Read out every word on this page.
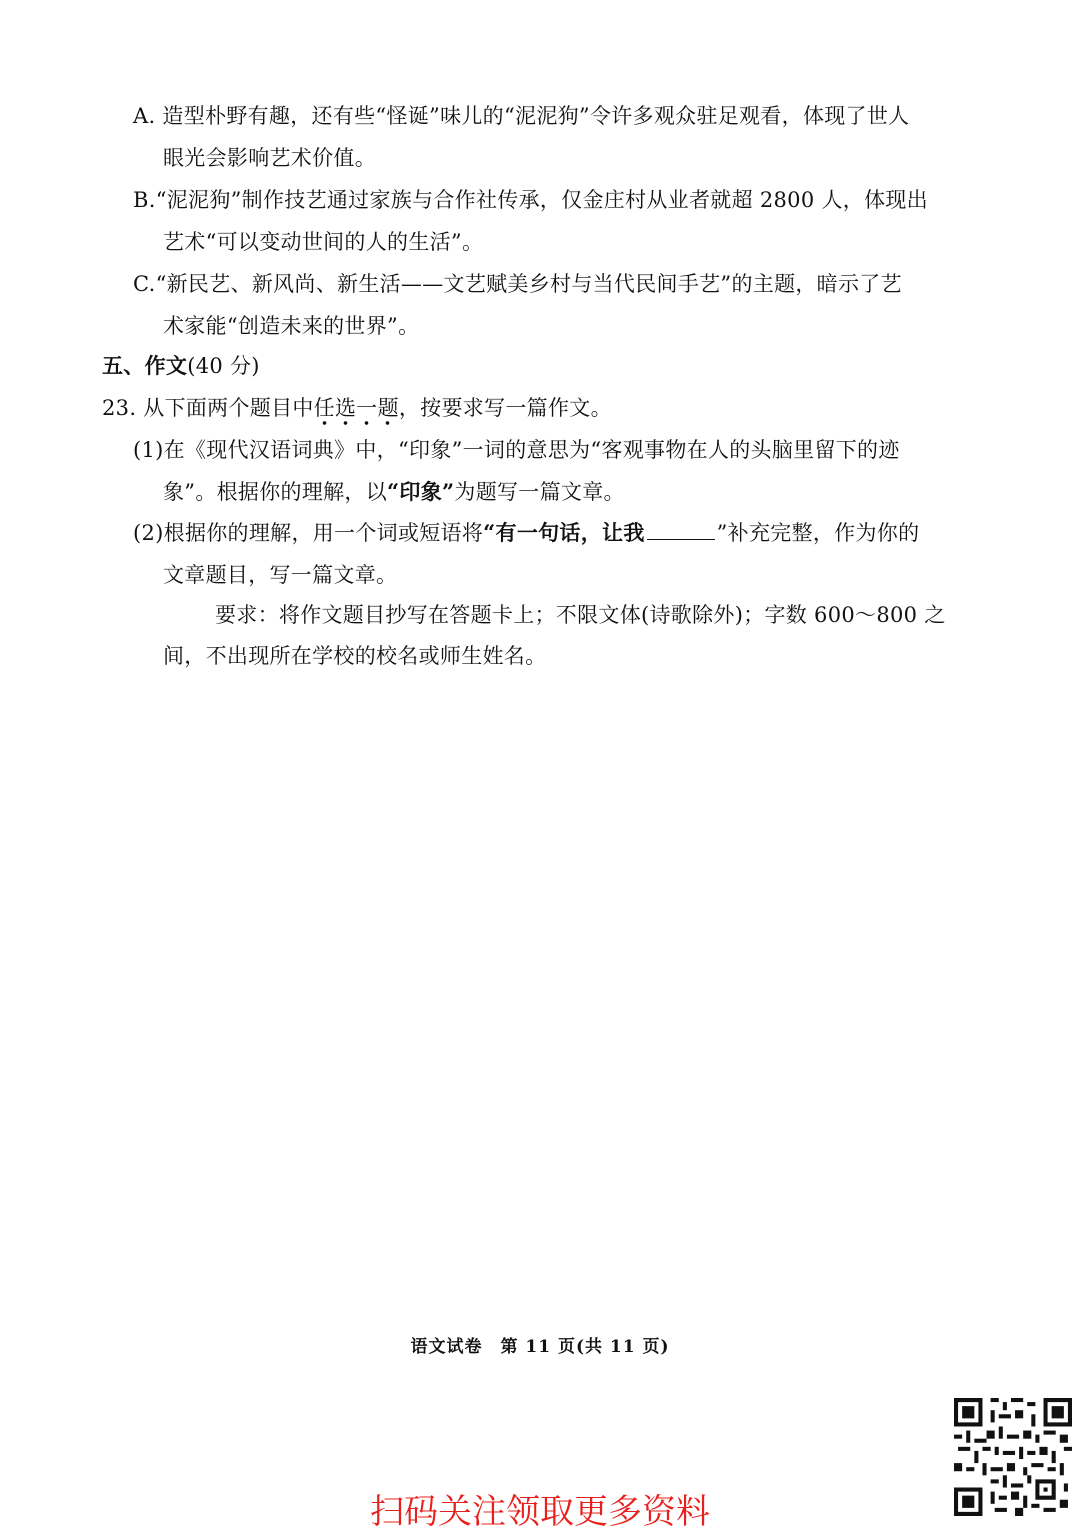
A. 造型朴野有趣，还有些“怪诞”味儿的“泥泥狗”令许多观众驻足观看，体现了世人
眼光会影响艺术价值。
B.“泥泥狗”制作技艺通过家族与合作社传承，仅金庄村从业者就超 2800 人，体现出
艺术“可以变动世间的人的生活”。
C.“新民艺、新风尚、新生活——文艺赋美乡村与当代民间手艺”的主题，暗示了艺
术家能“创造未来的世界”。
五、作文(40 分)
23. 从下面两个题目中任选一题，按要求写一篇作文。
(1)在《现代汉语词典》中，“印象”一词的意思为“客观事物在人的头脑里留下的迹
象”。根据你的理解，以“印象”为题写一篇文章。
(2)根据你的理解，用一个词或短语将“有一句话，让我	”补充完整，作为你的
文章题目，写一篇文章。
要求：将作文题目抄写在答题卡上；不限文体(诗歌除外)；字数 600～800 之
间，不出现所在学校的校名或师生姓名。
语文试卷　第 11 页(共 11 页)
扫码关注领取更多资料
